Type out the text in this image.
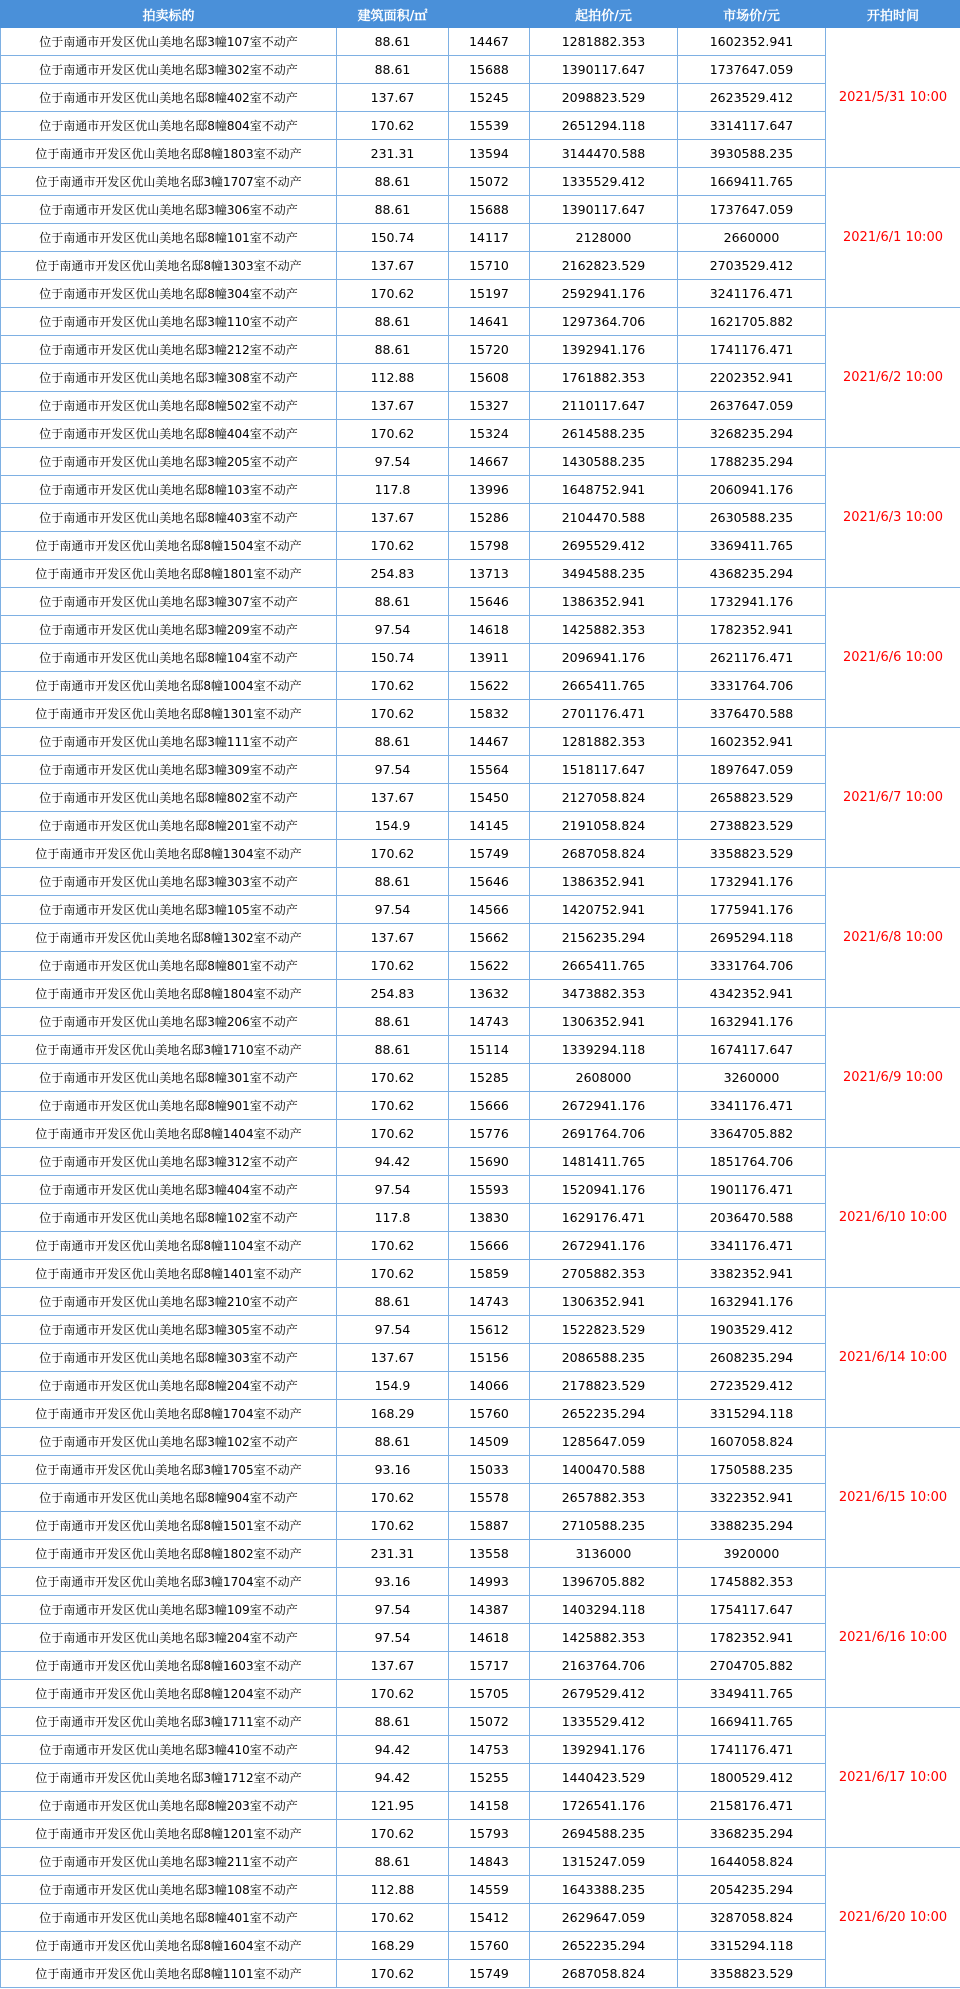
拍卖标的	建筑面积/㎡		起拍价/元	市场价/元	开拍时间
位于南通市开发区优山美地名邸3幢107室不动产	88.61	14467	1281882.353	1602352.941	2021/5/31 10:00
位于南通市开发区优山美地名邸3幢302室不动产	88.61	15688	1390117.647	1737647.059	
位于南通市开发区优山美地名邸8幢402室不动产	137.67	15245	2098823.529	2623529.412	
位于南通市开发区优山美地名邸8幢804室不动产	170.62	15539	2651294.118	3314117.647	
位于南通市开发区优山美地名邸8幢1803室不动产	231.31	13594	3144470.588	3930588.235	
位于南通市开发区优山美地名邸3幢1707室不动产	88.61	15072	1335529.412	1669411.765	2021/6/1 10:00
位于南通市开发区优山美地名邸3幢306室不动产	88.61	15688	1390117.647	1737647.059	
位于南通市开发区优山美地名邸8幢101室不动产	150.74	14117	2128000	2660000	
位于南通市开发区优山美地名邸8幢1303室不动产	137.67	15710	2162823.529	2703529.412	
位于南通市开发区优山美地名邸8幢304室不动产	170.62	15197	2592941.176	3241176.471	
位于南通市开发区优山美地名邸3幢110室不动产	88.61	14641	1297364.706	1621705.882	2021/6/2 10:00
位于南通市开发区优山美地名邸3幢212室不动产	88.61	15720	1392941.176	1741176.471	
位于南通市开发区优山美地名邸3幢308室不动产	112.88	15608	1761882.353	2202352.941	
位于南通市开发区优山美地名邸8幢502室不动产	137.67	15327	2110117.647	2637647.059	
位于南通市开发区优山美地名邸8幢404室不动产	170.62	15324	2614588.235	3268235.294	
位于南通市开发区优山美地名邸3幢205室不动产	97.54	14667	1430588.235	1788235.294	2021/6/3 10:00
位于南通市开发区优山美地名邸8幢103室不动产	117.8	13996	1648752.941	2060941.176	
位于南通市开发区优山美地名邸8幢403室不动产	137.67	15286	2104470.588	2630588.235	
位于南通市开发区优山美地名邸8幢1504室不动产	170.62	15798	2695529.412	3369411.765	
位于南通市开发区优山美地名邸8幢1801室不动产	254.83	13713	3494588.235	4368235.294	
位于南通市开发区优山美地名邸3幢307室不动产	88.61	15646	1386352.941	1732941.176	2021/6/6 10:00
位于南通市开发区优山美地名邸3幢209室不动产	97.54	14618	1425882.353	1782352.941	
位于南通市开发区优山美地名邸8幢104室不动产	150.74	13911	2096941.176	2621176.471	
位于南通市开发区优山美地名邸8幢1004室不动产	170.62	15622	2665411.765	3331764.706	
位于南通市开发区优山美地名邸8幢1301室不动产	170.62	15832	2701176.471	3376470.588	
位于南通市开发区优山美地名邸3幢111室不动产	88.61	14467	1281882.353	1602352.941	2021/6/7 10:00
位于南通市开发区优山美地名邸3幢309室不动产	97.54	15564	1518117.647	1897647.059	
位于南通市开发区优山美地名邸8幢802室不动产	137.67	15450	2127058.824	2658823.529	
位于南通市开发区优山美地名邸8幢201室不动产	154.9	14145	2191058.824	2738823.529	
位于南通市开发区优山美地名邸8幢1304室不动产	170.62	15749	2687058.824	3358823.529	
位于南通市开发区优山美地名邸3幢303室不动产	88.61	15646	1386352.941	1732941.176	2021/6/8 10:00
位于南通市开发区优山美地名邸3幢105室不动产	97.54	14566	1420752.941	1775941.176	
位于南通市开发区优山美地名邸8幢1302室不动产	137.67	15662	2156235.294	2695294.118	
位于南通市开发区优山美地名邸8幢801室不动产	170.62	15622	2665411.765	3331764.706	
位于南通市开发区优山美地名邸8幢1804室不动产	254.83	13632	3473882.353	4342352.941	
位于南通市开发区优山美地名邸3幢206室不动产	88.61	14743	1306352.941	1632941.176	2021/6/9 10:00
位于南通市开发区优山美地名邸3幢1710室不动产	88.61	15114	1339294.118	1674117.647	
位于南通市开发区优山美地名邸8幢301室不动产	170.62	15285	2608000	3260000	
位于南通市开发区优山美地名邸8幢901室不动产	170.62	15666	2672941.176	3341176.471	
位于南通市开发区优山美地名邸8幢1404室不动产	170.62	15776	2691764.706	3364705.882	
位于南通市开发区优山美地名邸3幢312室不动产	94.42	15690	1481411.765	1851764.706	2021/6/10 10:00
位于南通市开发区优山美地名邸3幢404室不动产	97.54	15593	1520941.176	1901176.471	
位于南通市开发区优山美地名邸8幢102室不动产	117.8	13830	1629176.471	2036470.588	
位于南通市开发区优山美地名邸8幢1104室不动产	170.62	15666	2672941.176	3341176.471	
位于南通市开发区优山美地名邸8幢1401室不动产	170.62	15859	2705882.353	3382352.941	
位于南通市开发区优山美地名邸3幢210室不动产	88.61	14743	1306352.941	1632941.176	2021/6/14 10:00
位于南通市开发区优山美地名邸3幢305室不动产	97.54	15612	1522823.529	1903529.412	
位于南通市开发区优山美地名邸8幢303室不动产	137.67	15156	2086588.235	2608235.294	
位于南通市开发区优山美地名邸8幢204室不动产	154.9	14066	2178823.529	2723529.412	
位于南通市开发区优山美地名邸8幢1704室不动产	168.29	15760	2652235.294	3315294.118	
位于南通市开发区优山美地名邸3幢102室不动产	88.61	14509	1285647.059	1607058.824	2021/6/15 10:00
位于南通市开发区优山美地名邸3幢1705室不动产	93.16	15033	1400470.588	1750588.235	
位于南通市开发区优山美地名邸8幢904室不动产	170.62	15578	2657882.353	3322352.941	
位于南通市开发区优山美地名邸8幢1501室不动产	170.62	15887	2710588.235	3388235.294	
位于南通市开发区优山美地名邸8幢1802室不动产	231.31	13558	3136000	3920000	
位于南通市开发区优山美地名邸3幢1704室不动产	93.16	14993	1396705.882	1745882.353	2021/6/16 10:00
位于南通市开发区优山美地名邸3幢109室不动产	97.54	14387	1403294.118	1754117.647	
位于南通市开发区优山美地名邸3幢204室不动产	97.54	14618	1425882.353	1782352.941	
位于南通市开发区优山美地名邸8幢1603室不动产	137.67	15717	2163764.706	2704705.882	
位于南通市开发区优山美地名邸8幢1204室不动产	170.62	15705	2679529.412	3349411.765	
位于南通市开发区优山美地名邸3幢1711室不动产	88.61	15072	1335529.412	1669411.765	2021/6/17 10:00
位于南通市开发区优山美地名邸3幢410室不动产	94.42	14753	1392941.176	1741176.471	
位于南通市开发区优山美地名邸3幢1712室不动产	94.42	15255	1440423.529	1800529.412	
位于南通市开发区优山美地名邸8幢203室不动产	121.95	14158	1726541.176	2158176.471	
位于南通市开发区优山美地名邸8幢1201室不动产	170.62	15793	2694588.235	3368235.294	
位于南通市开发区优山美地名邸3幢211室不动产	88.61	14843	1315247.059	1644058.824	2021/6/20 10:00
位于南通市开发区优山美地名邸3幢108室不动产	112.88	14559	1643388.235	2054235.294	
位于南通市开发区优山美地名邸8幢401室不动产	170.62	15412	2629647.059	3287058.824	
位于南通市开发区优山美地名邸8幢1604室不动产	168.29	15760	2652235.294	3315294.118	
位于南通市开发区优山美地名邸8幢1101室不动产	170.62	15749	2687058.824	3358823.529	
